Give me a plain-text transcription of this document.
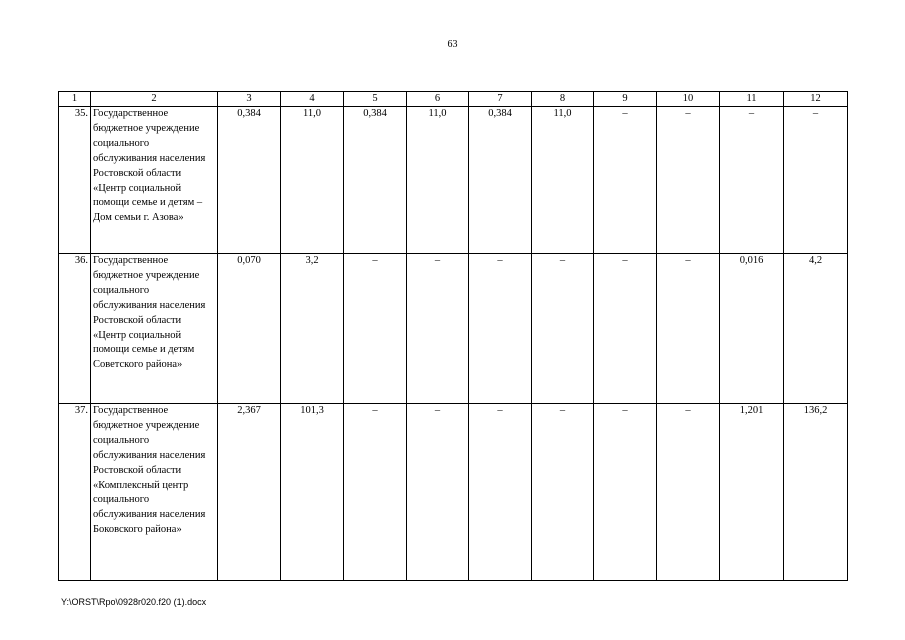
63
1	2	3	4	5	6	7	8	9	10	11	12
35.	Государственное бюджетное учреждение социального обслуживания населения Ростовской области «Центр социальной помощи семье и детям – Дом семьи г. Азова»	0,384	11,0	0,384	11,0	0,384	11,0	–	–	–	–
36.	Государственное бюджетное учреждение социального обслуживания населения Ростовской области «Центр социальной помощи семье и детям Советского района»	0,070	3,2	–	–	–	–	–	–	0,016	4,2
37.	Государственное бюджетное учреждение социального обслуживания населения Ростовской области «Комплексный центр социального обслуживания населения Боковского района»	2,367	101,3	–	–	–	–	–	–	1,201	136,2
Y:\ORST\Rpo\0928r020.f20 (1).docx
